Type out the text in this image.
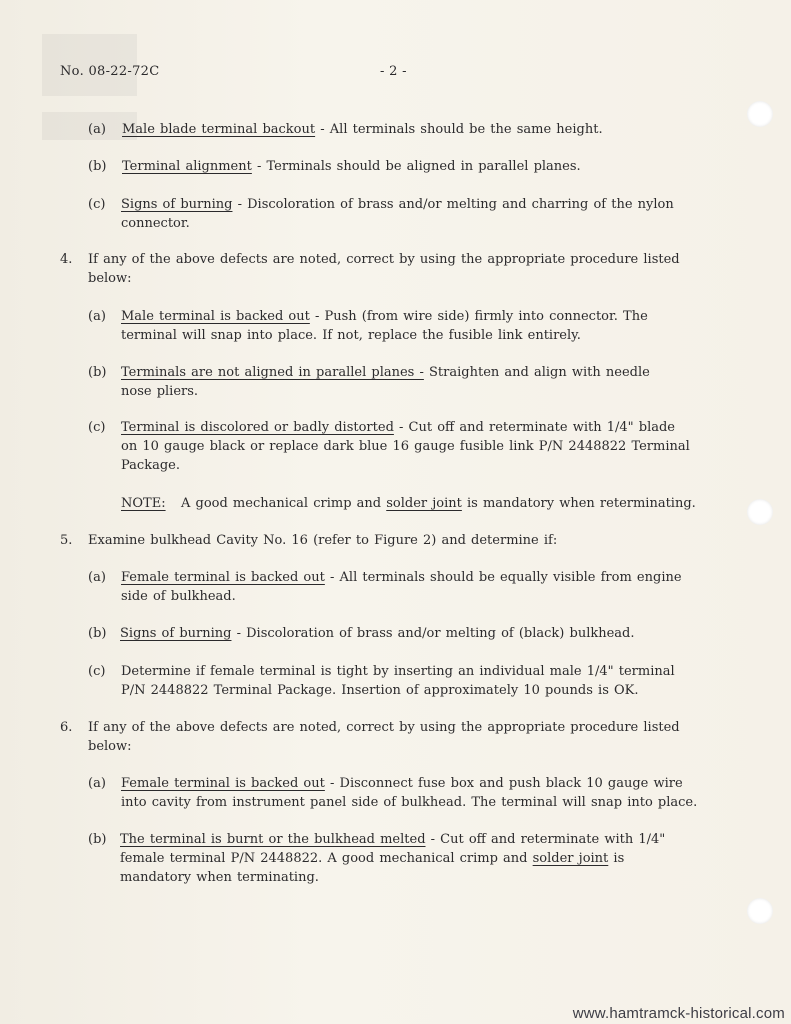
No. 08-22-72C	- 2 -
(a) Male blade terminal backout - All terminals should be the same height.
(b) Terminal alignment - Terminals should be aligned in parallel planes.
(c) Signs of burning - Discoloration of brass and/or melting and charring of the nylon
connector.
4. If any of the above defects are noted, correct by using the appropriate procedure listed
below:
(a) Male terminal is backed out - Push (from wire side) firmly into connector. The
terminal will snap into place. If not, replace the fusible link entirely.
(b) Terminals are not aligned in parallel planes - Straighten and align with needle
nose pliers.
(c) Terminal is discolored or badly distorted - Cut off and reterminate with 1/4" blade
on 10 gauge black or replace dark blue 16 gauge fusible link P/N 2448822 Terminal
Package.
NOTE: A good mechanical crimp and solder joint is mandatory when reterminating.
5. Examine bulkhead Cavity No. 16 (refer to Figure 2) and determine if:
(a) Female terminal is backed out - All terminals should be equally visible from engine
side of bulkhead.
(b) Signs of burning - Discoloration of brass and/or melting of (black) bulkhead.
(c) Determine if female terminal is tight by inserting an individual male 1/4" terminal
P/N 2448822 Terminal Package. Insertion of approximately 10 pounds is OK.
6. If any of the above defects are noted, correct by using the appropriate procedure listed
below:
(a) Female terminal is backed out - Disconnect fuse box and push black 10 gauge wire
into cavity from instrument panel side of bulkhead. The terminal will snap into place.
(b) The terminal is burnt or the bulkhead melted - Cut off and reterminate with 1/4"
female terminal P/N 2448822. A good mechanical crimp and solder joint is
mandatory when terminating.
www.hamtramck-historical.com
